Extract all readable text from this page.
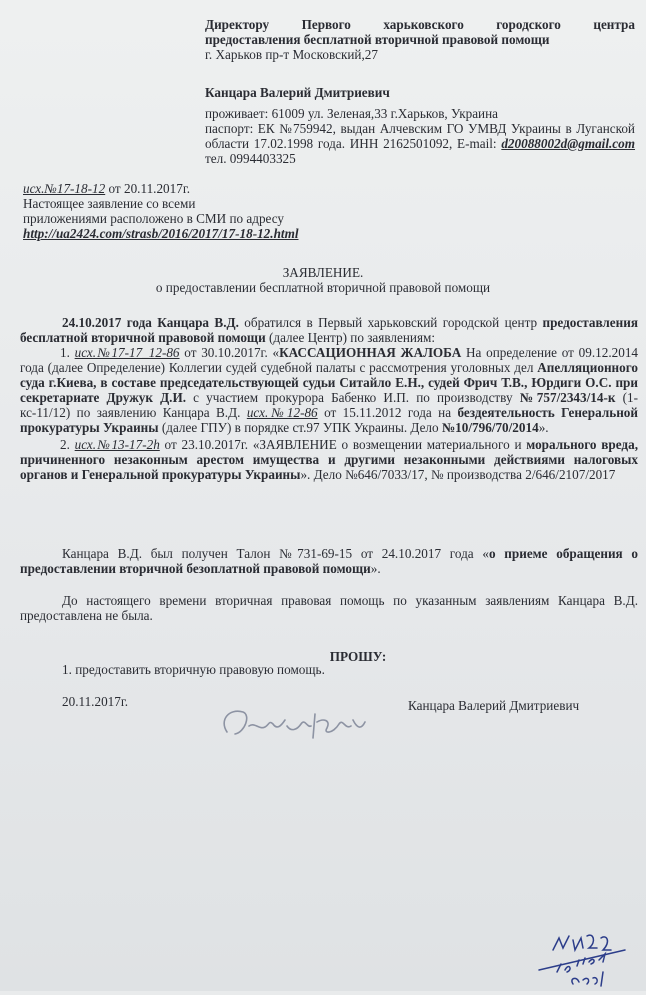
Директору Первого харьковского городского центра
предоставления бесплатной вторичной правовой помощи
г. Харьков пр-т Московский,27
Канцара Валерий Дмитриевич
проживает: 61009 ул. Зеленая,33 г.Харьков, Украина
паспорт: ЕК №759942, выдан Алчевским ГО УМВД Украины в Луганской области 17.02.1998 года. ИНН 2162501092, E-mail: d20088002d@gmail.com тел. 0994403325
исх.№17-18-12 от 20.11.2017г.
Настоящее заявление со всеми
приложениями расположено в СМИ по адресу
http://ua2424.com/strasb/2016/2017/17-18-12.html
ЗАЯВЛЕНИЕ.
о предоставлении бесплатной вторичной правовой помощи
24.10.2017 года Канцара В.Д. обратился в Первый харьковский городской центр предоставления бесплатной вторичной правовой помощи (далее Центр) по заявлениям:
1. исх.№17-17_12-86 от 30.10.2017г. «КАССАЦИОННАЯ ЖАЛОБА На определение от 09.12.2014 года (далее Определение) Коллегии судей судебной палаты с рассмотрения уголовных дел Апелляционного суда г.Киева, в составе председательствующей судьи Ситайло Е.Н., судей Фрич Т.В., Юрдиги О.С. при секретариате Дружук Д.И. с участием прокурора Бабенко И.П. по производству №757/2343/14-к (1-кс-11/12) по заявлению Канцара В.Д. исх.№12-86 от 15.11.2012 года на бездеятельность Генеральной прокуратуры Украины (далее ГПУ) в порядке ст.97 УПК Украины. Дело №10/796/70/2014».
2. исх.№13-17-2h от 23.10.2017г. «ЗАЯВЛЕНИЕ о возмещении материального и морального вреда, причиненного незаконным арестом имущества и другими незаконными действиями налоговых органов и Генеральной прокуратуры Украины». Дело №646/7033/17, № производства 2/646/2107/2017
Канцара В.Д. был получен Талон №731-69-15 от 24.10.2017 года «о приеме обращения о предоставлении вторичной безоплатной правовой помощи».
До настоящего времени вторичная правовая помощь по указанным заявлениям Канцара В.Д. предоставлена не была.
ПРОШУ:
1. предоставить вторичную правовую помощь.
20.11.2017г.	Канцара Валерий Дмитриевич
